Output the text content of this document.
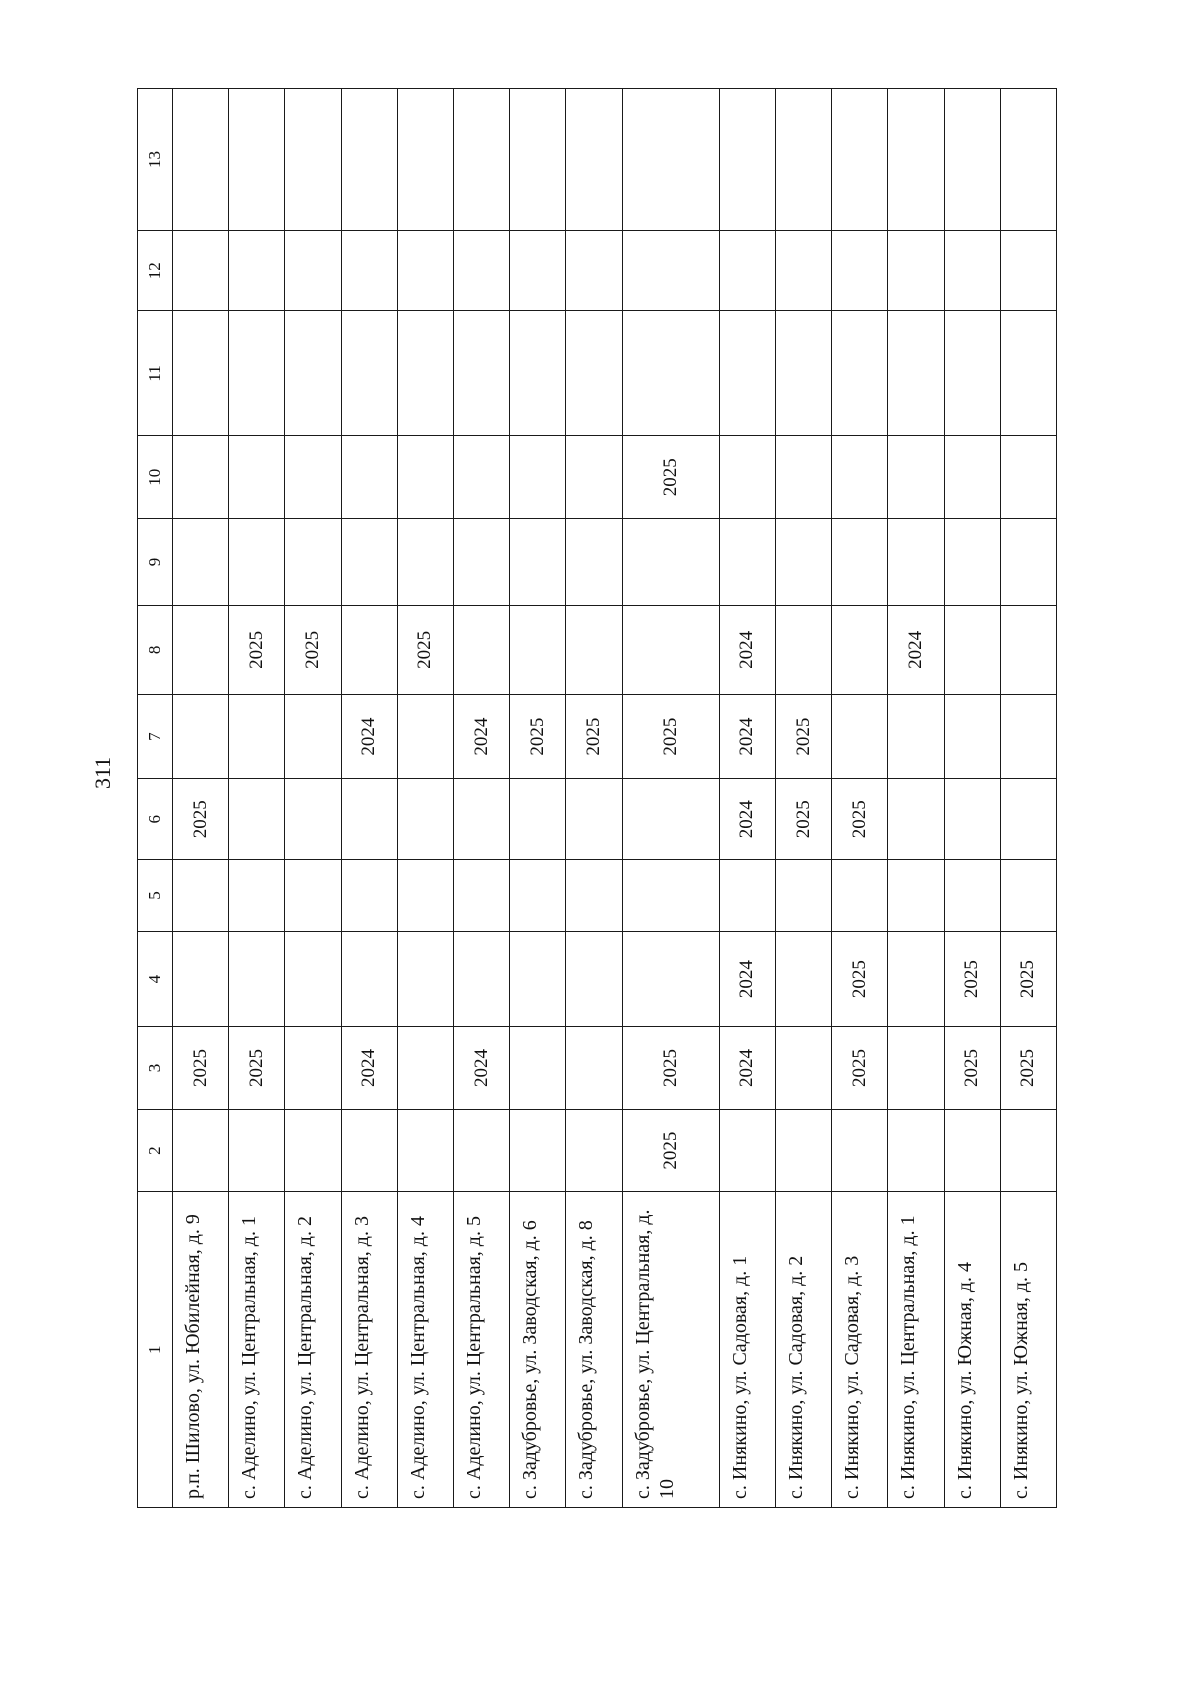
311
1	2	3	4	5	6	7	8	9	10	11	12	13
р.п. Шилово, ул. Юбилейная, д. 9		2025			2025							
с. Аделино, ул. Центральная, д. 1		2025					2025					
с. Аделино, ул. Центральная, д. 2							2025					
с. Аделино, ул. Центральная, д. 3		2024				2024						
с. Аделино, ул. Центральная, д. 4							2025					
с. Аделино, ул. Центральная, д. 5		2024				2024						
с. Задубровье, ул. Заводская, д. 6						2025						
с. Задубровье, ул. Заводская, д. 8						2025						
с. Задубровье, ул. Центральная, д. 10	2025	2025				2025			2025			
с. Инякино, ул. Садовая, д. 1		2024	2024		2024	2024	2024					
с. Инякино, ул. Садовая, д. 2					2025	2025						
с. Инякино, ул. Садовая, д. 3		2025	2025		2025							
с. Инякино, ул. Центральная, д. 1							2024					
с. Инякино, ул. Южная, д. 4		2025	2025									
с. Инякино, ул. Южная, д. 5		2025	2025									
